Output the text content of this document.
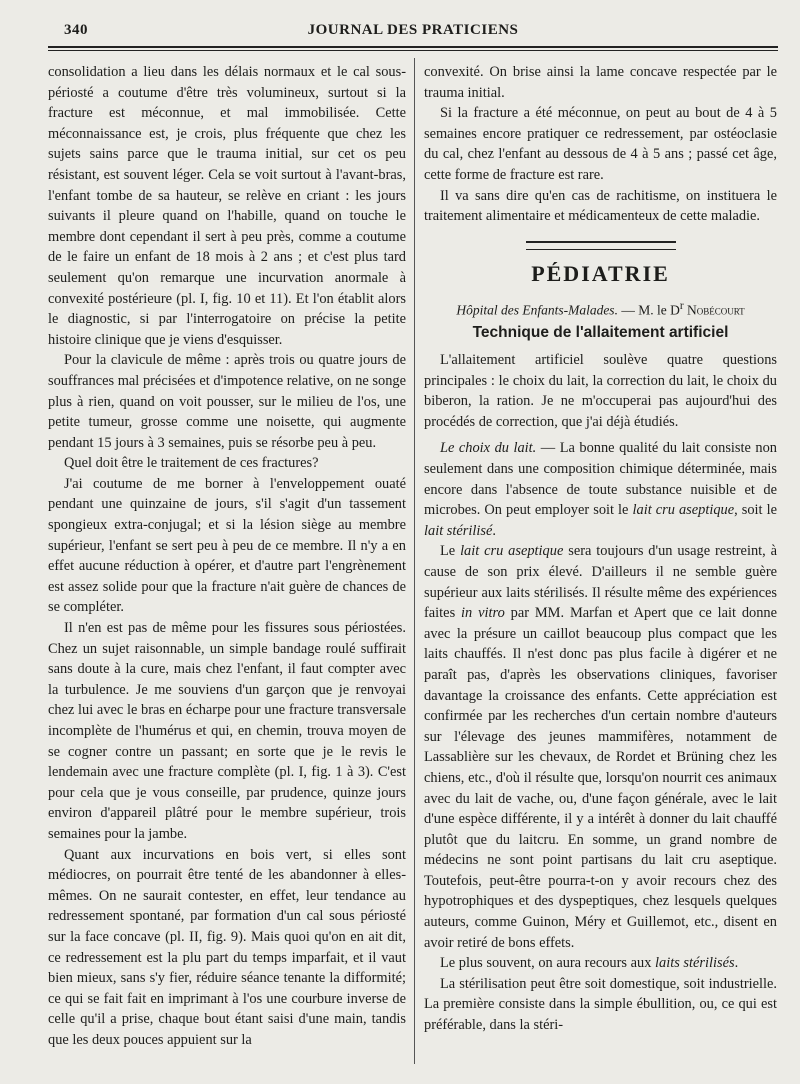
340	JOURNAL DES PRATICIENS

consolidation a lieu dans les délais normaux et le cal sous-périosté a coutume d'être très volumineux, surtout si la fracture est méconnue, et mal immobilisée. Cette méconnaissance est, je crois, plus fréquente que chez les sujets sains parce que le trauma initial, sur cet os peu résistant, est souvent léger. Cela se voit surtout à l'avant-bras, l'enfant tombe de sa hauteur, se relève en criant : les jours suivants il pleure quand on l'habille, quand on touche le membre dont cependant il sert à peu près, comme a coutume de le faire un enfant de 18 mois à 2 ans ; et c'est plus tard seulement qu'on remarque une incurvation anormale à convexité postérieure (pl. I, fig. 10 et 11). Et l'on établit alors le diagnostic, si par l'interrogatoire on précise la petite histoire clinique que je viens d'esquisser.

Pour la clavicule de même : après trois ou quatre jours de souffrances mal précisées et d'impotence relative, on ne songe plus à rien, quand on voit pousser, sur le milieu de l'os, une petite tumeur, grosse comme une noisette, qui augmente pendant 15 jours à 3 semaines, puis se résorbe peu à peu.

Quel doit être le traitement de ces fractures?

J'ai coutume de me borner à l'enveloppement ouaté pendant une quinzaine de jours, s'il s'agit d'un tassement spongieux extra-conjugal; et si la lésion siège au membre supérieur, l'enfant se sert peu à peu de ce membre. Il n'y a en effet aucune réduction à opérer, et d'autre part l'engrènement est assez solide pour que la fracture n'ait guère de chances de se compléter.

Il n'en est pas de même pour les fissures sous périostées. Chez un sujet raisonnable, un simple bandage roulé suffirait sans doute à la cure, mais chez l'enfant, il faut compter avec la turbulence. Je me souviens d'un garçon que je renvoyai chez lui avec le bras en écharpe pour une fracture transversale incomplète de l'humérus et qui, en chemin, trouva moyen de se cogner contre un passant; en sorte que je le revis le lendemain avec une fracture complète (pl. I, fig. 1 à 3). C'est pour cela que je vous conseille, par prudence, quinze jours environ d'appareil plâtré pour le membre supérieur, trois semaines pour la jambe.

Quant aux incurvations en bois vert, si elles sont médiocres, on pourrait être tenté de les abandonner à elles-mêmes. On ne saurait contester, en effet, leur tendance au redressement spontané, par formation d'un cal sous périosté sur la face concave (pl. II, fig. 9). Mais quoi qu'on en ait dit, ce redressement est la plu part du temps imparfait, et il vaut bien mieux, sans s'y fier, réduire séance tenante la difformité; ce qui se fait fait en imprimant à l'os une courbure inverse de celle qu'il a prise, chaque bout étant saisi d'une main, tandis que les deux pouces appuient sur la

convexité. On brise ainsi la lame concave respectée par le trauma initial.

Si la fracture a été méconnue, on peut au bout de 4 à 5 semaines encore pratiquer ce redressement, par ostéoclasie du cal, chez l'enfant au dessous de 4 à 5 ans ; passé cet âge, cette forme de fracture est rare.

Il va sans dire qu'en cas de rachitisme, on instituera le traitement alimentaire et médicamenteux de cette maladie.

PÉDIATRIE
Hôpital des Enfants-Malades. — M. le $D^r$ Nobécourt
Technique de l'allaitement artificiel

L'allaitement artificiel soulève quatre questions principales : le choix du lait, la correction du lait, le choix du biberon, la ration. Je ne m'occuperai pas aujourd'hui des procédés de correction, que j'ai déjà étudiés.

Le choix du lait. — La bonne qualité du lait consiste non seulement dans une composition chimique déterminée, mais encore dans l'absence de toute substance nuisible et de microbes. On peut employer soit le lait cru aseptique, soit le lait stérilisé.

Le lait cru aseptique sera toujours d'un usage restreint, à cause de son prix élevé. D'ailleurs il ne semble guère supérieur aux laits stérilisés. Il résulte même des expériences faites in vitro par MM. Marfan et Apert que ce lait donne avec la présure un caillot beaucoup plus compact que les laits chauffés. Il n'est donc pas plus facile à digérer et ne paraît pas, d'après les observations cliniques, favoriser davantage la croissance des enfants. Cette appréciation est confirmée par les recherches d'un certain nombre d'auteurs sur l'élevage des jeunes mammifères, notamment de Lassablière sur les chevaux, de Rordet et Brüning chez les chiens, etc., d'où il résulte que, lorsqu'on nourrit ces animaux avec du lait de vache, ou, d'une façon générale, avec le lait d'une espèce différente, il y a intérêt à donner du lait chauffé plutôt que du laitcru. En somme, un grand nombre de médecins ne sont point partisans du lait cru aseptique. Toutefois, peut-être pourra-t-on y avoir recours chez des hypotrophiques et des dyspeptiques, chez lesquels quelques auteurs, comme Guinon, Méry et Guillemot, etc., disent en avoir retiré de bons effets.

Le plus souvent, on aura recours aux laits stérilisés.

La stérilisation peut être soit domestique, soit industrielle. La première consiste dans la simple ébullition, ou, ce qui est préférable, dans la stéri-
